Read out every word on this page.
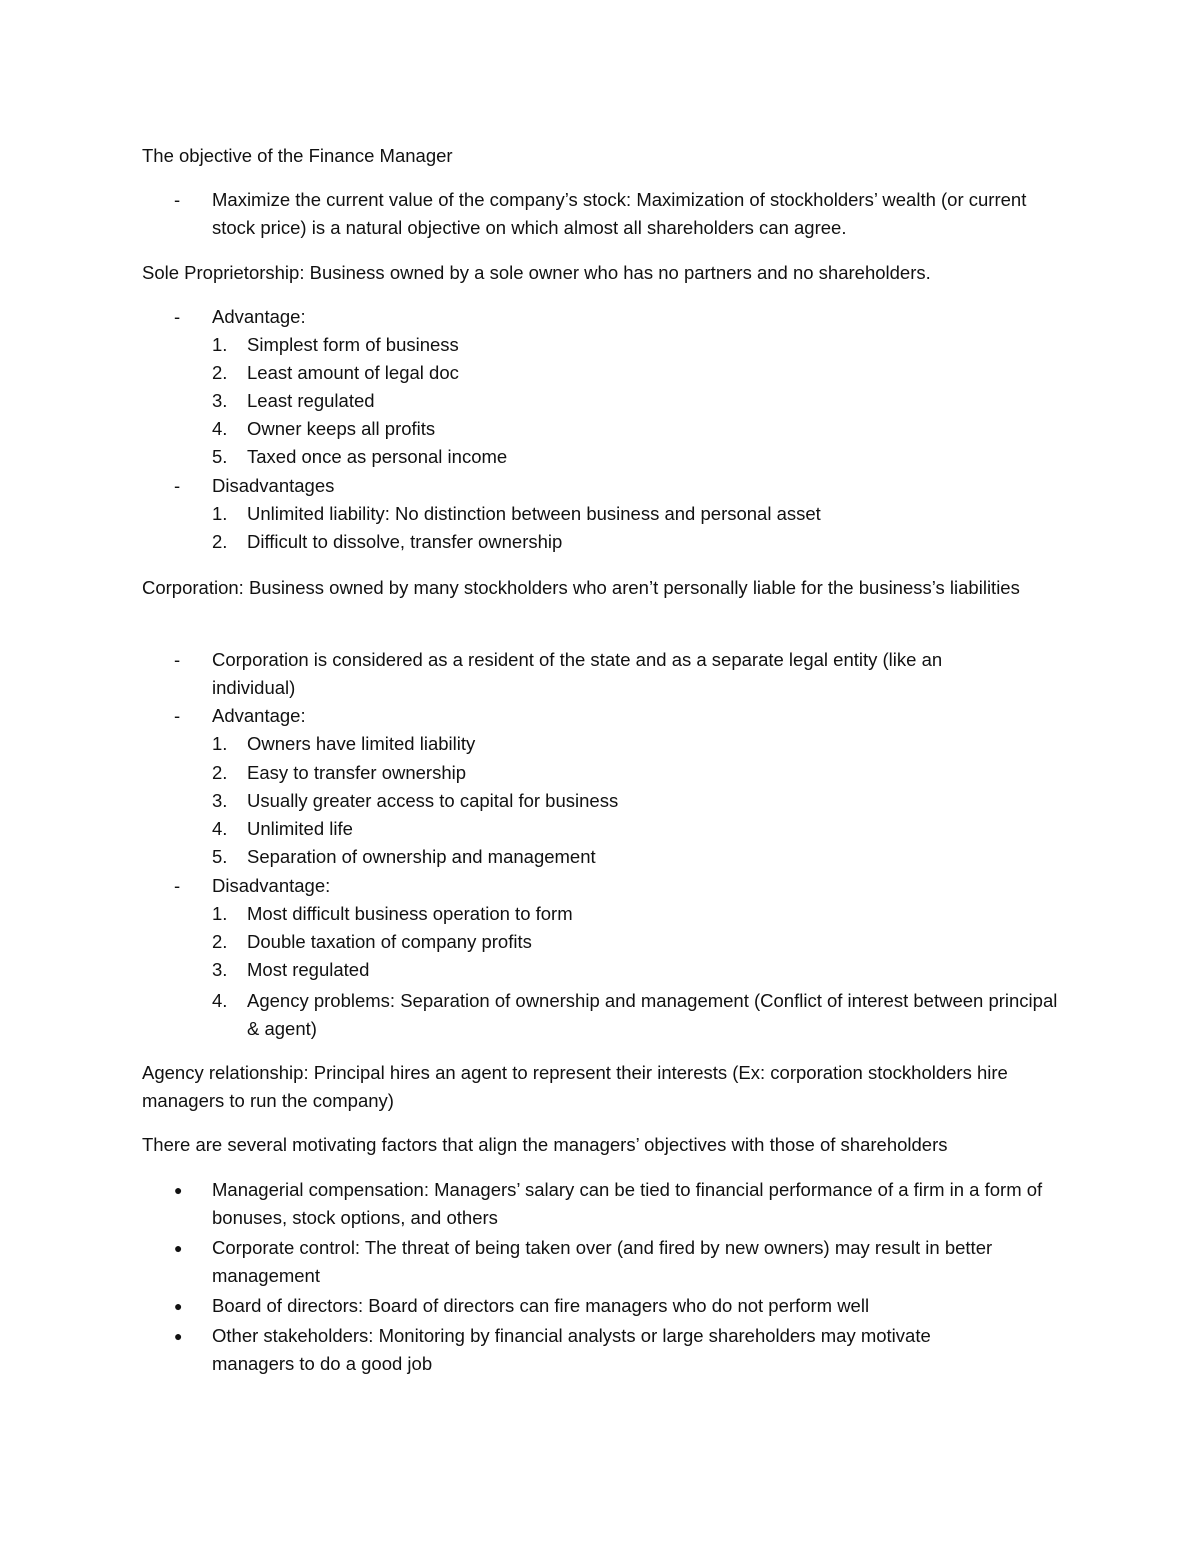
The objective of the Finance Manager

- Maximize the current value of the company’s stock: Maximization of stockholders’ wealth (or current stock price) is a natural objective on which almost all shareholders can agree.

Sole Proprietorship: Business owned by a sole owner who has no partners and no shareholders.

- Advantage:

1. Simplest form of business

2. Least amount of legal doc

3. Least regulated

4. Owner keeps all profits

5. Taxed once as personal income

- Disadvantages

1. Unlimited liability: No distinction between business and personal asset

2. Difficult to dissolve, transfer ownership

Corporation: Business owned by many stockholders who aren’t personally liable for the business’s liabilities

- Corporation is considered as a resident of the state and as a separate legal entity (like an individual)

- Advantage:

1. Owners have limited liability

2. Easy to transfer ownership

3. Usually greater access to capital for business

4. Unlimited life

5. Separation of ownership and management

- Disadvantage:

1. Most difficult business operation to form

2. Double taxation of company profits

3. Most regulated

4. Agency problems: Separation of ownership and management (Conflict of interest between principal & agent)

Agency relationship: Principal hires an agent to represent their interests (Ex: corporation stockholders hire managers to run the company)

There are several motivating factors that align the managers’ objectives with those of shareholders

● Managerial compensation: Managers’ salary can be tied to financial performance of a firm in a form of bonuses, stock options, and others

● Corporate control: The threat of being taken over (and fired by new owners) may result in better management

● Board of directors: Board of directors can fire managers who do not perform well

● Other stakeholders: Monitoring by financial analysts or large shareholders may motivate managers to do a good job
